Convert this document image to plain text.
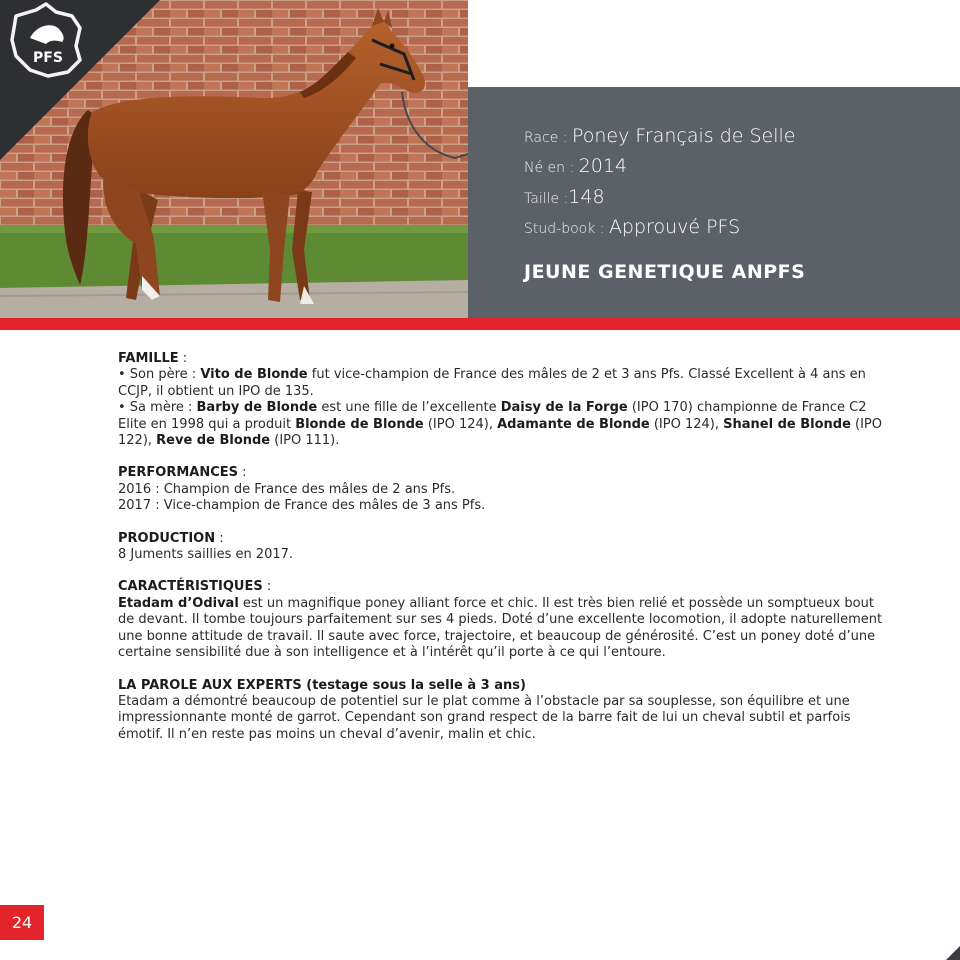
PFS
Race : Poney Français de Selle
Né en : 2014
Taille :148
Stud-book : Approuvé PFS
JEUNE GENETIQUE ANPFS

FAMILLE :

• Son père : Vito de Blonde fut vice-champion de France des mâles de 2 et 3 ans Pfs. Classé Excellent à 4 ans en CCJP, il obtient un IPO de 135.

• Sa mère : Barby de Blonde est une fille de l’excellente Daisy de la Forge (IPO 170) championne de France C2 Elite en 1998 qui a produit Blonde de Blonde (IPO 124), Adamante de Blonde (IPO 124), Shanel de Blonde (IPO 122), Reve de Blonde (IPO 111).

PERFORMANCES :

2016 : Champion de France des mâles de 2 ans Pfs.

2017 : Vice-champion de France des mâles de 3 ans Pfs.

PRODUCTION :

8 Juments saillies en 2017.

CARACTÉRISTIQUES :

Etadam d’Odival est un magnifique poney alliant force et chic. Il est très bien relié et possède un somptueux bout de devant. Il tombe toujours parfaitement sur ses 4 pieds. Doté d’une excellente locomotion, il adopte naturellement une bonne attitude de travail. Il saute avec force, trajectoire, et beaucoup de générosité. C’est un poney doté d’une certaine sensibilité due à son intelligence et à l’intérêt qu’il porte à ce qui l’entoure.

LA PAROLE AUX EXPERTS (testage sous la selle à 3 ans)

Etadam a démontré beaucoup de potentiel sur le plat comme à l’obstacle par sa souplesse, son équilibre et une impressionnante monté de garrot. Cependant son grand respect de la barre fait de lui un cheval subtil et parfois émotif. Il n’en reste pas moins un cheval d’avenir, malin et chic.

24
